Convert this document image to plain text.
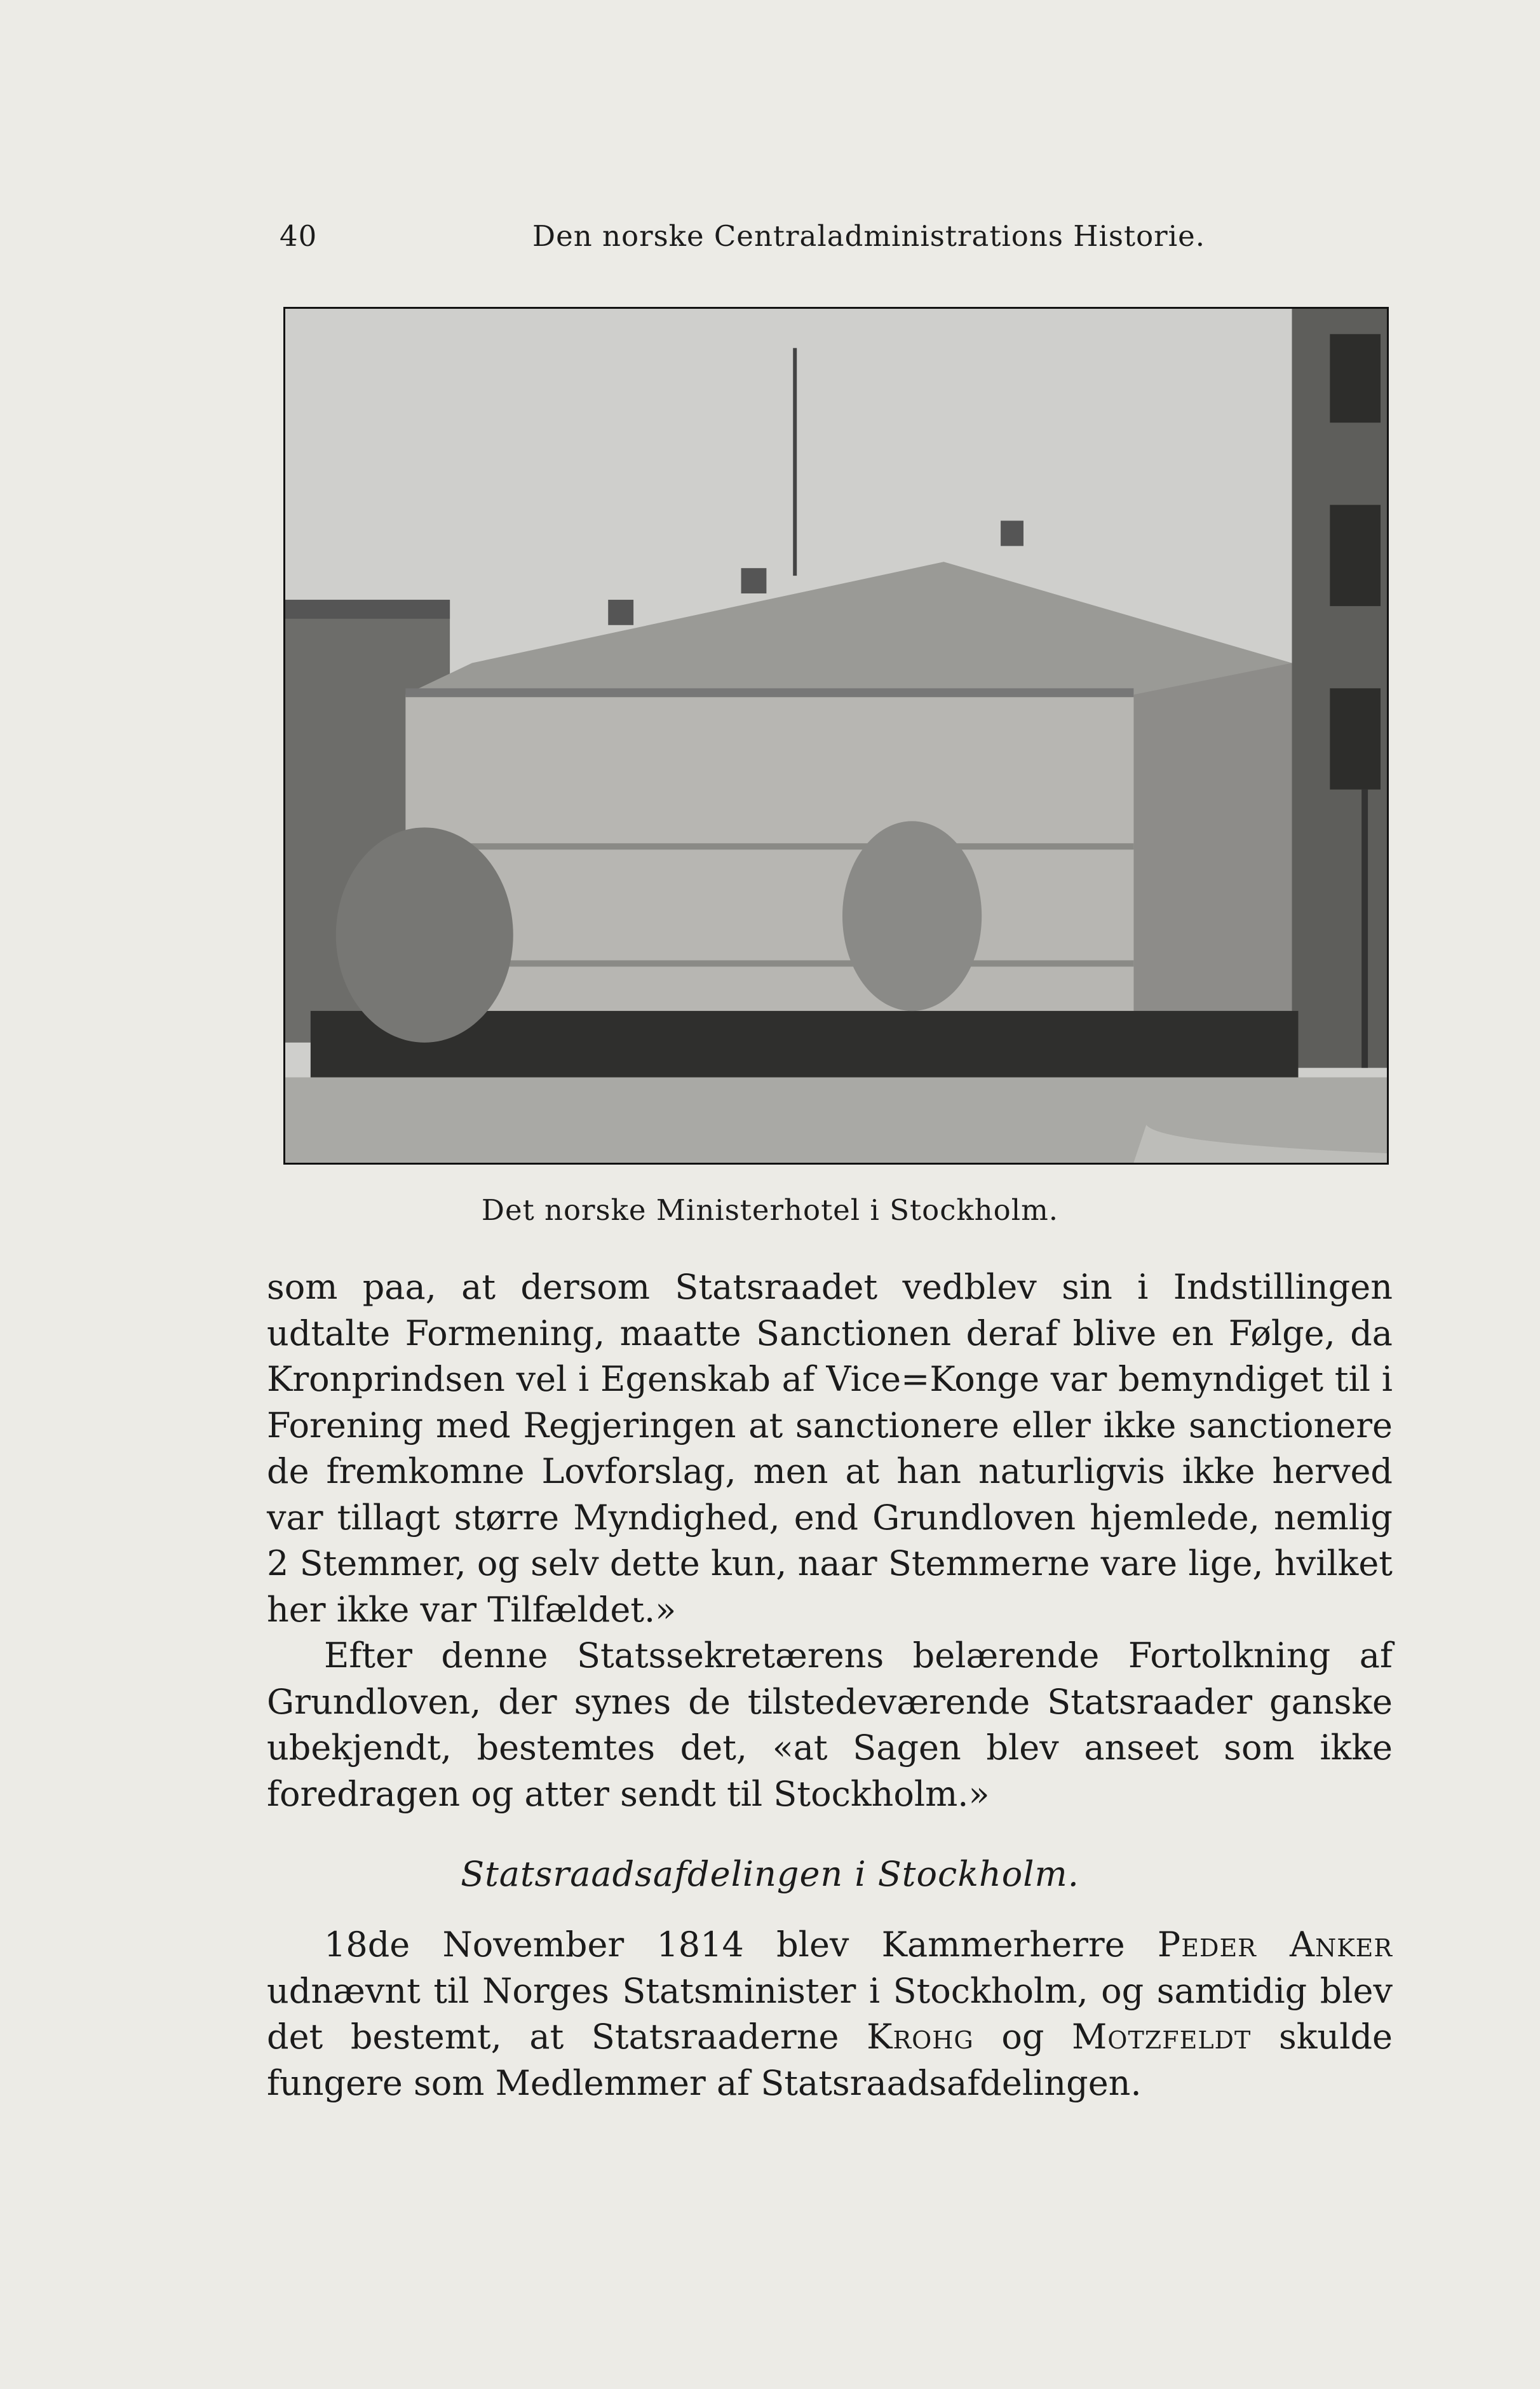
40	Den norske Centraladministrations Historie.
Det norske Ministerhotel i Stockholm.

som paa, at dersom Statsraadet vedblev sin i Indstillingen udtalte Formening, maatte Sanctionen deraf blive en Følge, da Kronprindsen vel i Egenskab af Vice=Konge var bemyndiget til i Forening med Regjeringen at sanctionere eller ikke sanctionere de fremkomne Lovforslag, men at han naturligvis ikke herved var tillagt større Myndighed, end Grundloven hjemlede, nemlig 2 Stemmer, og selv dette kun, naar Stemmerne vare lige, hvilket her ikke var Tilfældet.»

Efter denne Statssekretærens belærende Fortolkning af Grundloven, der synes de tilstedeværende Statsraader ganske ubekjendt, bestemtes det, «at Sagen blev anseet som ikke foredragen og atter sendt til Stockholm.»

Statsraadsafdelingen i Stockholm.

18de November 1814 blev Kammerherre Peder Anker udnævnt til Norges Statsminister i Stockholm, og samtidig blev det bestemt, at Statsraaderne Krohg og Motzfeldt skulde fungere som Medlemmer af Statsraadsafdelingen.
